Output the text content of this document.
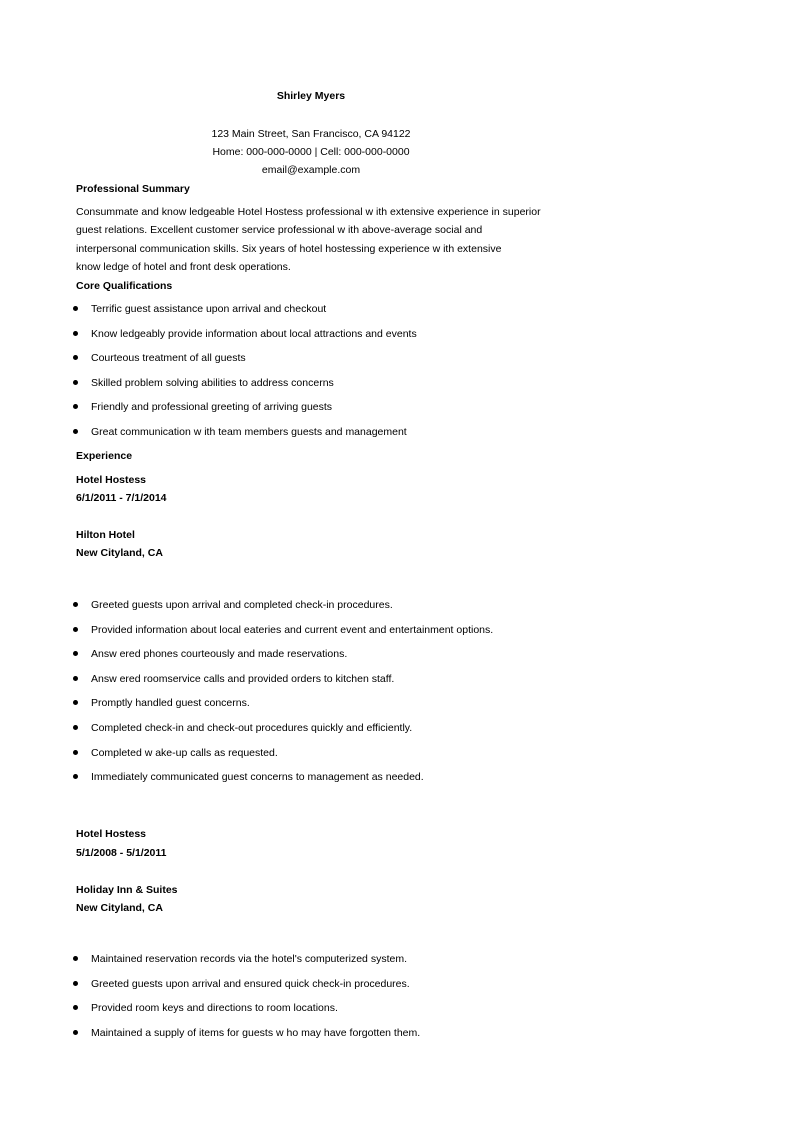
Shirley Myers
123 Main Street, San Francisco, CA 94122
Home: 000-000-0000 | Cell: 000-000-0000
email@example.com
Professional Summary
Consummate and know ledgeable Hotel Hostess professional w ith extensive experience in superior
guest relations. Excellent customer service professional w ith above-average social and
interpersonal communication skills. Six years of hotel hostessing experience w ith extensive
know ledge of hotel and front desk operations.
Core Qualifications
Terrific guest assistance upon arrival and checkout
Know ledgeably provide information about local attractions and events
Courteous treatment of all guests
Skilled problem solving abilities to address concerns
Friendly and professional greeting of arriving guests
Great communication w ith team members guests and management
Experience
Hotel Hostess
6/1/2011 - 7/1/2014
Hilton Hotel
New Cityland, CA
Greeted guests upon arrival and completed check-in procedures.
Provided information about local eateries and current event and entertainment options.
Answ ered phones courteously and made reservations.
Answ ered roomservice calls and provided orders to kitchen staff.
Promptly handled guest concerns.
Completed check-in and check-out procedures quickly and efficiently.
Completed w ake-up calls as requested.
Immediately communicated guest concerns to management as needed.
Hotel Hostess
5/1/2008 - 5/1/2011
Holiday Inn & Suites
New Cityland, CA
Maintained reservation records via the hotel's computerized system.
Greeted guests upon arrival and ensured quick check-in procedures.
Provided room keys and directions to room locations.
Maintained a supply of items for guests w ho may have forgotten them.
